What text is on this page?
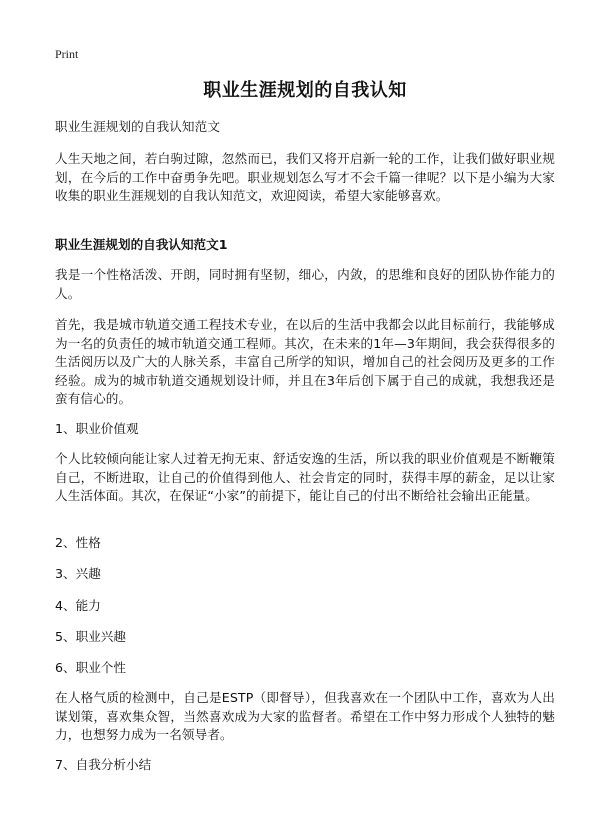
Print
职业生涯规划的自我认知

职业生涯规划的自我认知范文

人生天地之间，若白驹过隙，忽然而已，我们又将开启新一轮的工作，让我们做好职业规划，在今后的工作中奋勇争先吧。职业规划怎么写才不会千篇一律呢？以下是小编为大家收集的职业生涯规划的自我认知范文，欢迎阅读，希望大家能够喜欢。

职业生涯规划的自我认知范文1

我是一个性格活泼、开朗，同时拥有坚韧，细心，内敛，的思维和良好的团队协作能力的人。

首先，我是城市轨道交通工程技术专业，在以后的生活中我都会以此目标前行，我能够成为一名的负责任的城市轨道交通工程师。其次，在未来的1年—3年期间，我会获得很多的生活阅历以及广大的人脉关系，丰富自己所学的知识，增加自己的社会阅历及更多的工作经验。成为的城市轨道交通规划设计师，并且在3年后创下属于自己的成就，我想我还是蛮有信心的。

1、职业价值观

个人比较倾向能让家人过着无拘无束、舒适安逸的生活，所以我的职业价值观是不断鞭策自己，不断进取，让自己的价值得到他人、社会肯定的同时，获得丰厚的薪金，足以让家人生活体面。其次，在保证“小家”的前提下，能让自己的付出不断给社会输出正能量。

2、性格

3、兴趣

4、能力

5、职业兴趣

6、职业个性

在人格气质的检测中，自己是ESTP（即督导），但我喜欢在一个团队中工作，喜欢为人出谋划策，喜欢集众智，当然喜欢成为大家的监督者。希望在工作中努力形成个人独特的魅力，也想努力成为一名领导者。

7、自我分析小结
